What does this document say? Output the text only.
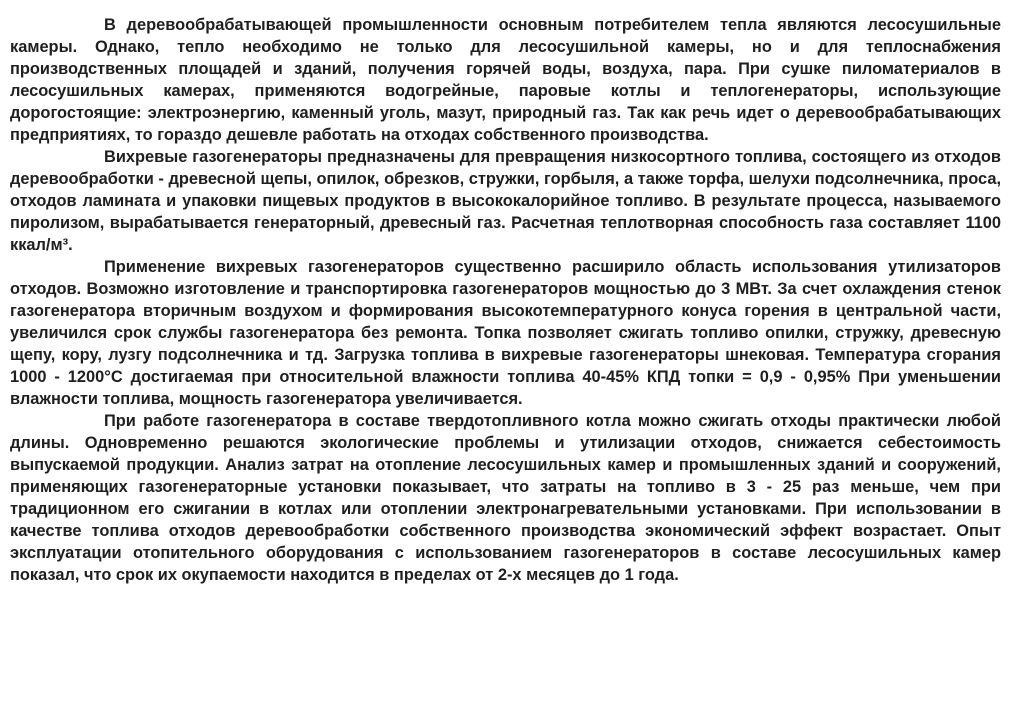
В деревообрабатывающей промышленности основным потребителем тепла являются лесосушильные камеры. Однако, тепло необходимо не только для лесосушильной камеры, но и для теплоснабжения производственных площадей и зданий, получения горячей воды, воздуха, пара. При сушке пиломатериалов в лесосушильных камерах, применяются водогрейные, паровые котлы и теплогенераторы, использующие дорогостоящие: электроэнергию, каменный уголь, мазут, природный газ. Так как речь идет о деревообрабатывающих предприятиях, то гораздо дешевле работать на отходах собственного производства.

Вихревые газогенераторы предназначены для превращения низкосортного топлива, состоящего из отходов деревообработки - древесной щепы, опилок, обрезков, стружки, горбыля, а также торфа, шелухи подсолнечника, проса, отходов ламината и упаковки пищевых продуктов в высококалорийное топливо. В результате процесса, называемого пиролизом, вырабатывается генераторный, древесный газ. Расчетная теплотворная способность газа составляет 1100 ккал/м³.

Применение вихревых газогенераторов существенно расширило область использования утилизаторов отходов. Возможно изготовление и транспортировка газогенераторов мощностью до 3 МВт. За счет охлаждения стенок газогенератора вторичным воздухом и формирования высокотемпературного конуса горения в центральной части, увеличился срок службы газогенератора без ремонта. Топка позволяет сжигать топливо опилки, стружку, древесную щепу, кору, лузгу подсолнечника и тд. Загрузка топлива в вихревые газогенераторы шнековая. Температура сгорания 1000 - 1200°С достигаемая при относительной влажности топлива 40-45% КПД топки = 0,9 - 0,95% При уменьшении влажности топлива, мощность газогенератора увеличивается.

При работе газогенератора в составе твердотопливного котла можно сжигать отходы практически любой длины. Одновременно решаются экологические проблемы и утилизации отходов, снижается себестоимость выпускаемой продукции. Анализ затрат на отопление лесосушильных камер и промышленных зданий и сооружений, применяющих газогенераторные установки показывает, что затраты на топливо в 3 - 25 раз меньше, чем при традиционном его сжигании в котлах или отоплении электронагревательными установками. При использовании в качестве топлива отходов деревообработки собственного производства экономический эффект возрастает. Опыт эксплуатации отопительного оборудования с использованием газогенераторов в составе лесосушильных камер показал, что срок их окупаемости находится в пределах от 2-х месяцев до 1 года.
